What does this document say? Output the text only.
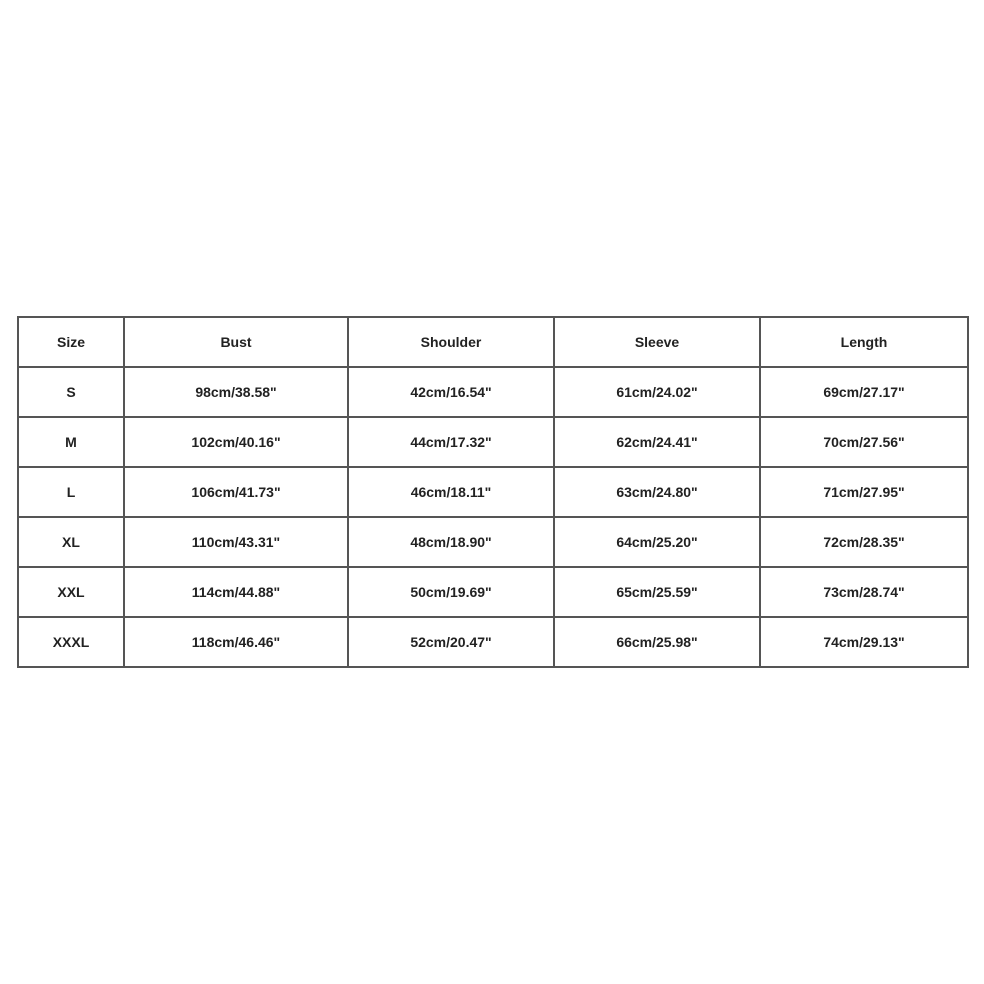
Size	Bust	Shoulder	Sleeve	Length
S	98cm/38.58"	42cm/16.54"	61cm/24.02"	69cm/27.17"
M	102cm/40.16"	44cm/17.32"	62cm/24.41"	70cm/27.56"
L	106cm/41.73"	46cm/18.11"	63cm/24.80"	71cm/27.95"
XL	110cm/43.31"	48cm/18.90"	64cm/25.20"	72cm/28.35"
XXL	114cm/44.88"	50cm/19.69"	65cm/25.59"	73cm/28.74"
XXXL	118cm/46.46"	52cm/20.47"	66cm/25.98"	74cm/29.13"
